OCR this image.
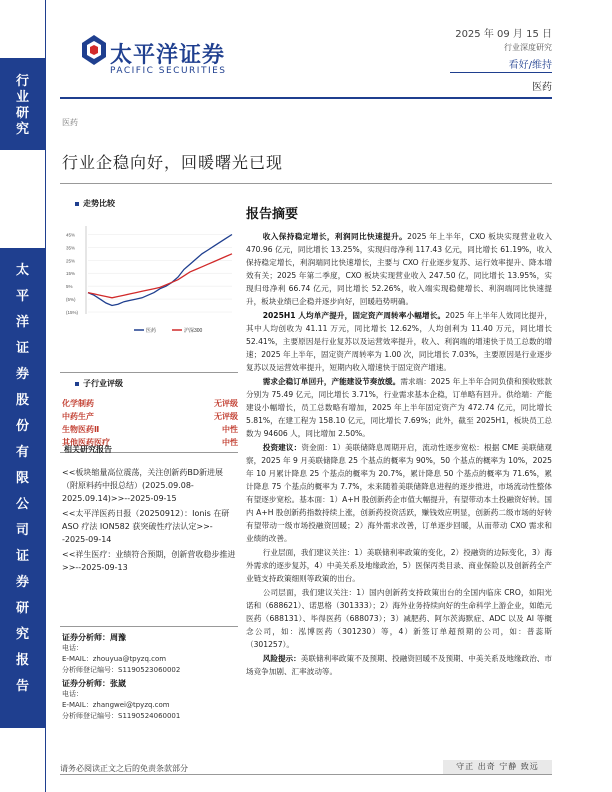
行业研究
太平洋证券股份有限公司证券研究报告
太平洋证券
PACIFIC SECURITIES
2025 年 09 月 15 日
行业深度研究
看好/维持
医药
医药
行业企稳向好，回暖曙光已现
走势比较
45%
35%
25%
15%
5%
(5%)
(15%)
医药	沪深300
子行业评级
化学制药	无评级
中药生产	无评级
生物医药Ⅱ	中性
其他医药医疗	中性
相关研究报告
<<板块缩量高位震荡，关注创新药BD新进展（附原料药中报总结）(2025.09.08-2025.09.14)>>--2025-09-15
<<太平洋医药日报（20250912）：Ionis 在研 ASO 疗法 ION582 获突破性疗法认定>>--2025-09-14
<<祥生医疗：业绩符合预期，创新营收稳步推进 >>--2025-09-13
证券分析师：周豫
电话：
E-MAIL：zhouyua@tpyzq.com
分析师登记编号：S1190523060002
证券分析师：张崴
电话：
E-MAIL：zhangwei@tpyzq.com
分析师登记编号：S1190524060001
报告摘要

收入保持稳定增长，利润同比快速提升。2025 年上半年，CXO 板块实现营业收入 470.96 亿元，同比增长 13.25%，实现归母净利 117.43 亿元，同比增长 61.19%，收入保持稳定增长，利润端同比快速增长，主要与 CXO 行业逐步复苏、运行效率提升、降本增效有关；2025 年第二季度，CXO 板块实现营业收入 247.50 亿，同比增长 13.95%，实现归母净利 66.74 亿元，同比增长 52.26%，收入端实现稳健增长、利润端同比快速提升，板块业绩已企稳并逐步向好，回暖趋势明确。

2025H1 人均单产提升，固定资产周转率小幅增长。2025 年上半年人效同比提升，其中人均创收为 41.11 万元，同比增长 12.62%，人均创利为 11.40 万元，同比增长 52.41%，主要原因是行业复苏以及运营效率提升，收入、利润端的增速快于员工总数的增速；2025 年上半年，固定资产周转率为 1.00 次，同比增长 7.03%，主要原因是行业逐步复苏以及运营效率提升，短期内收入增速快于固定资产增速。

需求企稳订单回升，产能建设节奏放缓。需求端：2025 年上半年合同负债和预收账款分别为 75.49 亿元，同比增长 3.71%，行业需求基本企稳，订单略有回升。供给端：产能建设小幅增长，员工总数略有增加，2025 年上半年固定资产为 472.74 亿元，同比增长 5.81%，在建工程为 158.10 亿元，同比增长 7.69%；此外，截至 2025H1，板块员工总数为 94606 人，同比增加 2.50%。

投资建议：资金面：1）美联储降息周期开启，流动性逐步宽松：根据 CME 美联储观察，2025 年 9 月美联储降息 25 个基点的概率为 90%，50 个基点的概率为 10%，2025 年 10 月累计降息 25 个基点的概率为 20.7%，累计降息 50 个基点的概率为 71.6%，累计降息 75 个基点的概率为 7.7%，未来随着美联储降息进程的逐步推进，市场流动性整体有望逐步宽松。基本面：1）A+H 股创新药企市值大幅提升，有望带动本土投融资好转。国内 A+H 股创新药指数持续上涨，创新药投资活跃，赚钱效应明显，创新药二级市场的好转有望带动一级市场投融资回暖；2）海外需求改善，订单逐步回暖，从而带动 CXO 需求和业绩的改善。

行业层面，我们建议关注：1）美联储利率政策的变化，2）投融资的边际变化，3）海外需求的逐步复苏，4）中美关系及地缘政治，5）医保丙类目录、商业保险以及创新药全产业链支持政策细则等政策的出台。

公司层面，我们建议关注：1）国内创新药支持政策出台的全国内临床 CRO，如阳光诺和（688621）、诺思格（301333）；2）海外业务持续向好的生命科学上游企业，如皓元医药（688131）、毕得医药（688073）；3）减肥药、阿尔茨海默症、ADC 以及 AI 等概念公司，如：泓博医药（301230）等，4）新签订单超预期的公司，如：普蕊斯（301257）。

风险提示：美联储利率政策不及预期、投融资回暖不及预期、中美关系及地缘政治、市场竞争加剧、汇率波动等。

请务必阅读正文之后的免责条款部分	守正 出奇 宁静 致远
